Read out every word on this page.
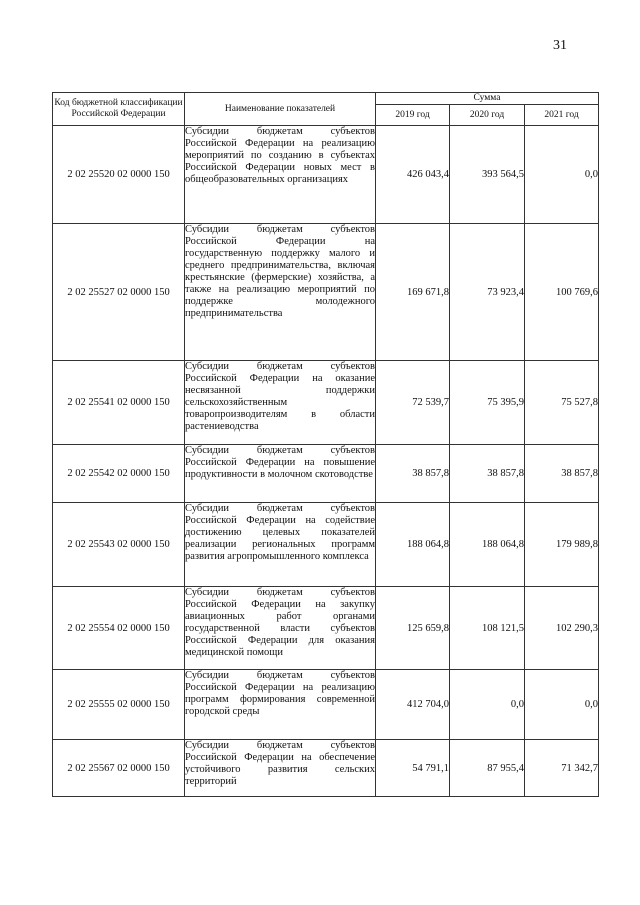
31
Код бюджетной классификации Российской Федерации	Наименование показателей	Сумма		
		2019 год	2020 год	2021 год
2 02 25520 02 0000 150	Субсидии бюджетам субъектов Российской Федерации на реализацию мероприятий по созданию в субъектах Российской Федерации новых мест в общеобразовательных организациях	426 043,4	393 564,5	0,0
2 02 25527 02 0000 150	Субсидии бюджетам субъектов Российской Федерации на государственную поддержку малого и среднего предпринимательства, включая крестьянские (фермерские) хозяйства, а также на реализацию мероприятий по поддержке молодежного предпринимательства	169 671,8	73 923,4	100 769,6
2 02 25541 02 0000 150	Субсидии бюджетам субъектов Российской Федерации на оказание несвязанной поддержки сельскохозяйственным товаропроизводителям в области растениеводства	72 539,7	75 395,9	75 527,8
2 02 25542 02 0000 150	Субсидии бюджетам субъектов Российской Федерации на повышение продуктивности в молочном скотоводстве	38 857,8	38 857,8	38 857,8
2 02 25543 02 0000 150	Субсидии бюджетам субъектов Российской Федерации на содействие достижению целевых показателей реализации региональных программ развития агропромышленного комплекса	188 064,8	188 064,8	179 989,8
2 02 25554 02 0000 150	Субсидии бюджетам субъектов Российской Федерации на закупку авиационных работ органами государственной власти субъектов Российской Федерации для оказания медицинской помощи	125 659,8	108 121,5	102 290,3
2 02 25555 02 0000 150	Субсидии бюджетам субъектов Российской Федерации на реализацию программ формирования современной городской среды	412 704,0	0,0	0,0
2 02 25567 02 0000 150	Субсидии бюджетам субъектов Российской Федерации на обеспечение устойчивого развития сельских территорий	54 791,1	87 955,4	71 342,7
